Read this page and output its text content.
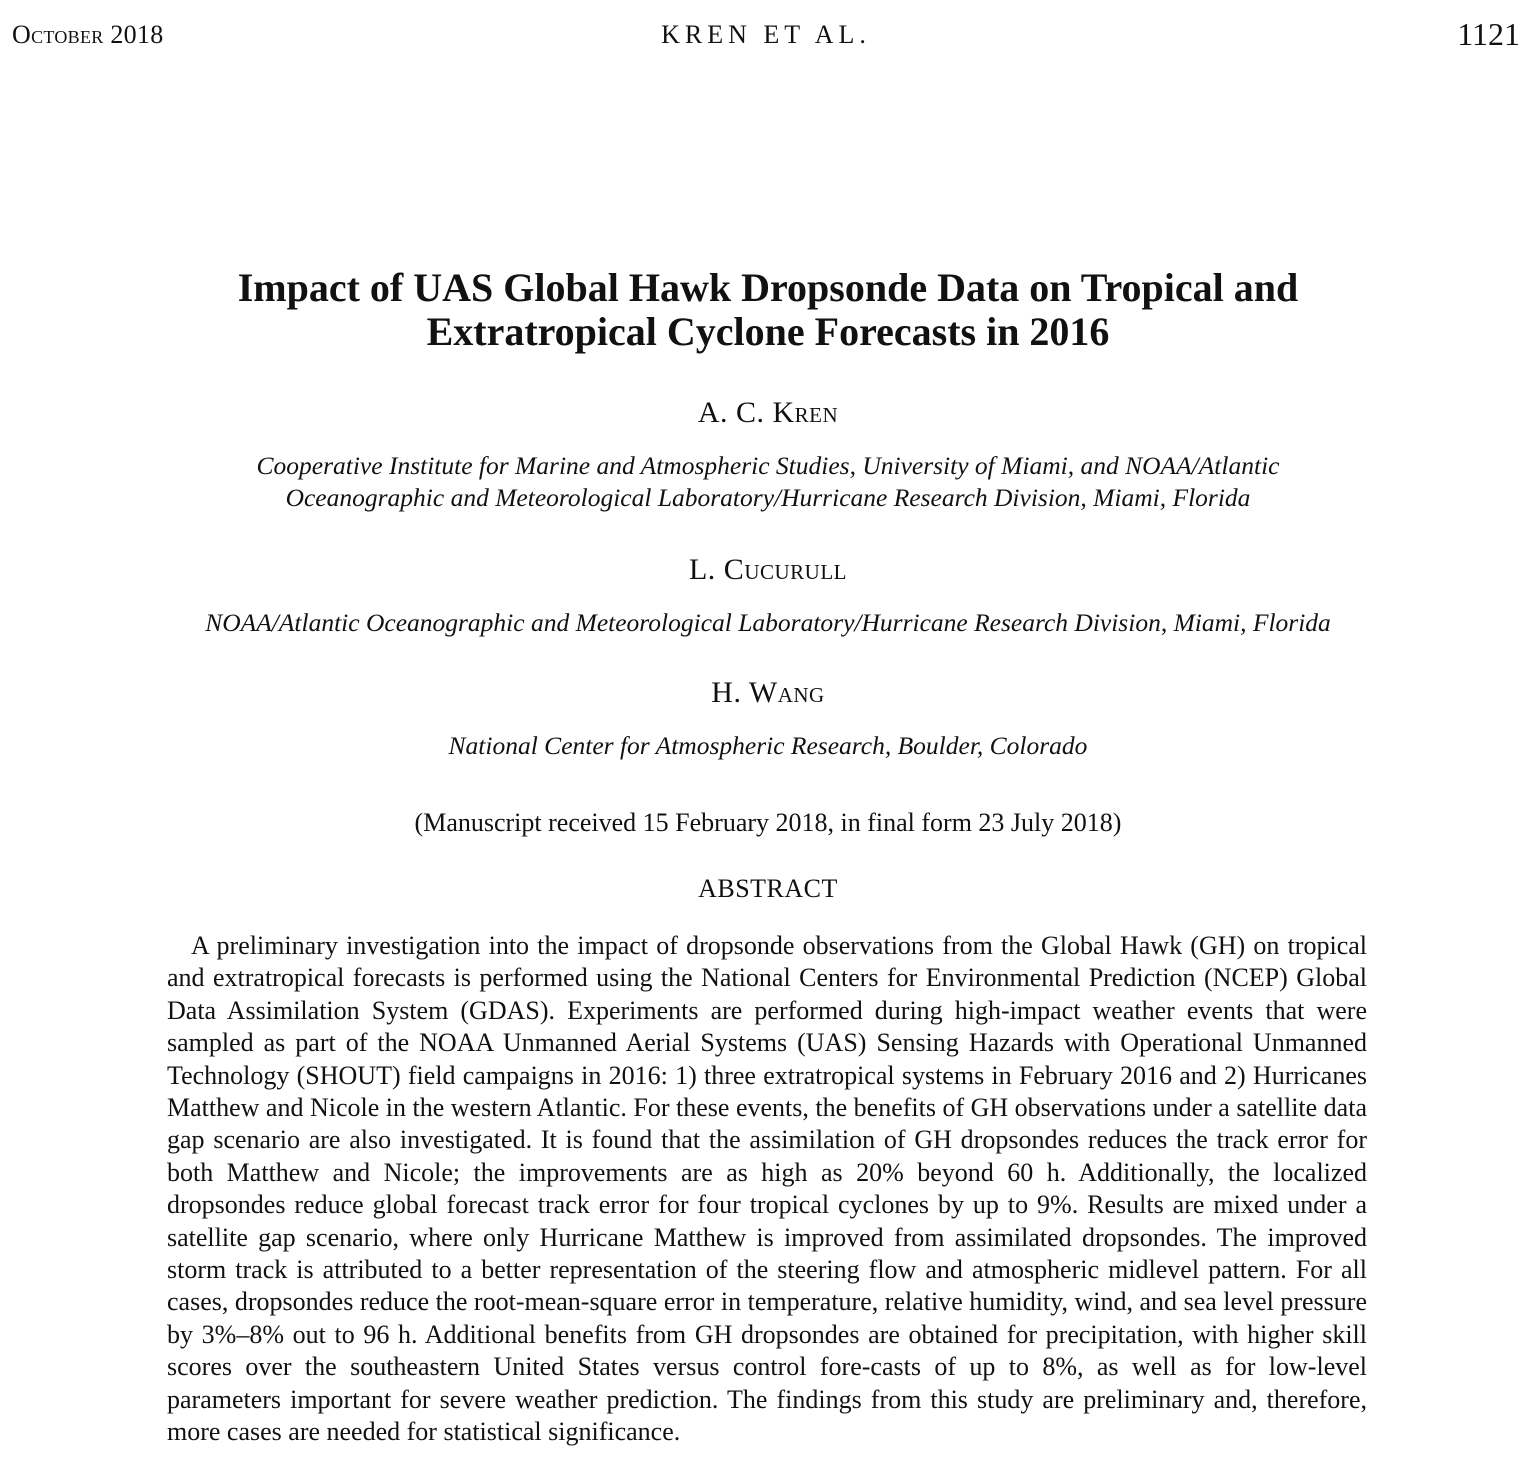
October 2018	KREN ET AL.	1121
Impact of UAS Global Hawk Dropsonde Data on Tropical and
Extratropical Cyclone Forecasts in 2016
A. C. Kren
Cooperative Institute for Marine and Atmospheric Studies, University of Miami, and NOAA/Atlantic
Oceanographic and Meteorological Laboratory/Hurricane Research Division, Miami, Florida
L. Cucurull
NOAA/Atlantic Oceanographic and Meteorological Laboratory/Hurricane Research Division, Miami, Florida
H. Wang
National Center for Atmospheric Research, Boulder, Colorado
(Manuscript received 15 February 2018, in final form 23 July 2018)
ABSTRACT

A preliminary investigation into the impact of dropsonde observations from the Global Hawk (GH) on tropical and extratropical forecasts is performed using the National Centers for Environmental Prediction (NCEP) Global Data Assimilation System (GDAS). Experiments are performed during high-impact weather events that were sampled as part of the NOAA Unmanned Aerial Systems (UAS) Sensing Hazards with Operational Unmanned Technology (SHOUT) field campaigns in 2016: 1) three extratropical systems in February 2016 and 2) Hurricanes Matthew and Nicole in the western Atlantic. For these events, the benefits of GH observations under a satellite data gap scenario are also investigated. It is found that the assimilation of GH dropsondes reduces the track error for both Matthew and Nicole; the improvements are as high as 20% beyond 60 h. Additionally, the localized dropsondes reduce global forecast track error for four tropical cyclones by up to 9%. Results are mixed under a satellite gap scenario, where only Hurricane Matthew is improved from assimilated dropsondes. The improved storm track is attributed to a better representation of the steering flow and atmospheric midlevel pattern. For all cases, dropsondes reduce the root-mean-square error in temperature, relative humidity, wind, and sea level pressure by 3%–8% out to 96 h. Additional benefits from GH dropsondes are obtained for precipitation, with higher skill scores over the southeastern United States versus control fore-casts of up to 8%, as well as for low-level parameters important for severe weather prediction. The findings from this study are preliminary and, therefore, more cases are needed for statistical significance.
